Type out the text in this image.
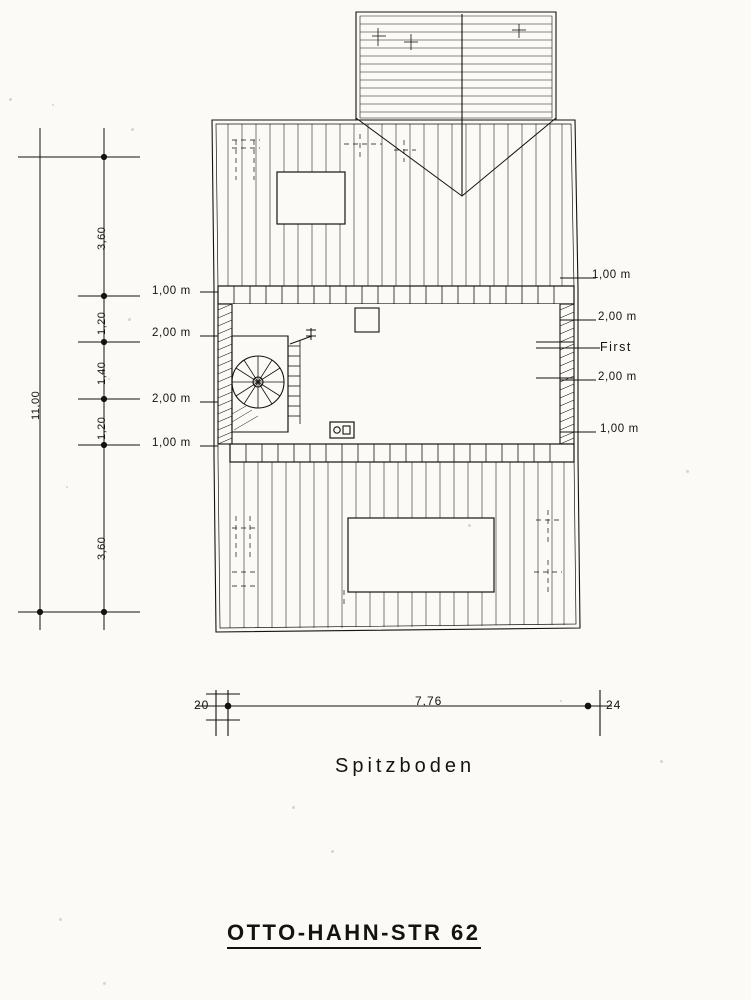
11,00
3,60
1,20
1,40
1,20
3,60
1,00 m
2,00 m
2,00 m
1,00 m
1,00 m
2,00 m
First
2,00 m
1,00 m
20	7,76	24
Spitzboden
OTTO-HAHN-STR 62
